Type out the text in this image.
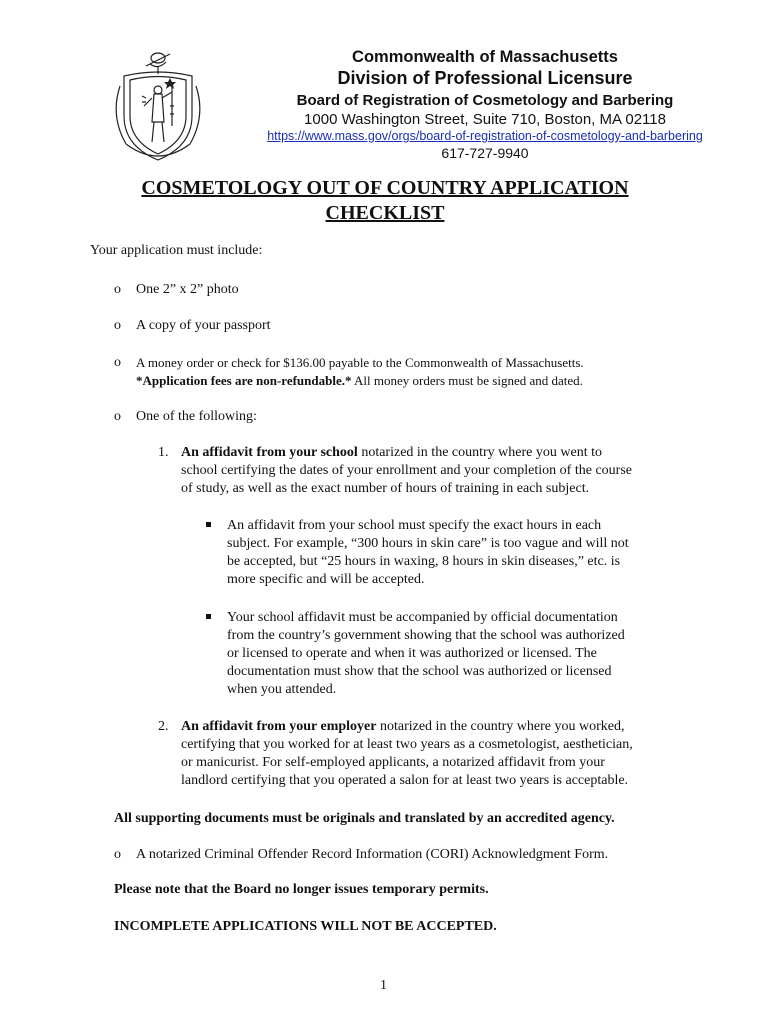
Commonwealth of Massachusetts
Division of Professional Licensure
Board of Registration of Cosmetology and Barbering
1000 Washington Street, Suite 710, Boston, MA 02118
https://www.mass.gov/orgs/board-of-registration-of-cosmetology-and-barbering
617-727-9940
COSMETOLOGY OUT OF COUNTRY APPLICATION
CHECKLIST
Your application must include:
o One 2” x 2” photo
o A copy of your passport
o A money order or check for $136.00 payable to the Commonwealth of Massachusetts.
*Application fees are non-refundable.* All money orders must be signed and dated.
o One of the following:
1. An affidavit from your school notarized in the country where you went to
school certifying the dates of your enrollment and your completion of the course
of study, as well as the exact number of hours of training in each subject.
An affidavit from your school must specify the exact hours in each
subject. For example, “300 hours in skin care” is too vague and will not
be accepted, but “25 hours in waxing, 8 hours in skin diseases,” etc. is
more specific and will be accepted.
Your school affidavit must be accompanied by official documentation
from the country’s government showing that the school was authorized
or licensed to operate and when it was authorized or licensed. The
documentation must show that the school was authorized or licensed
when you attended.
2. An affidavit from your employer notarized in the country where you worked,
certifying that you worked for at least two years as a cosmetologist, aesthetician,
or manicurist. For self-employed applicants, a notarized affidavit from your
landlord certifying that you operated a salon for at least two years is acceptable.
All supporting documents must be originals and translated by an accredited agency.
o A notarized Criminal Offender Record Information (CORI) Acknowledgment Form.
Please note that the Board no longer issues temporary permits.
INCOMPLETE APPLICATIONS WILL NOT BE ACCEPTED.
1
